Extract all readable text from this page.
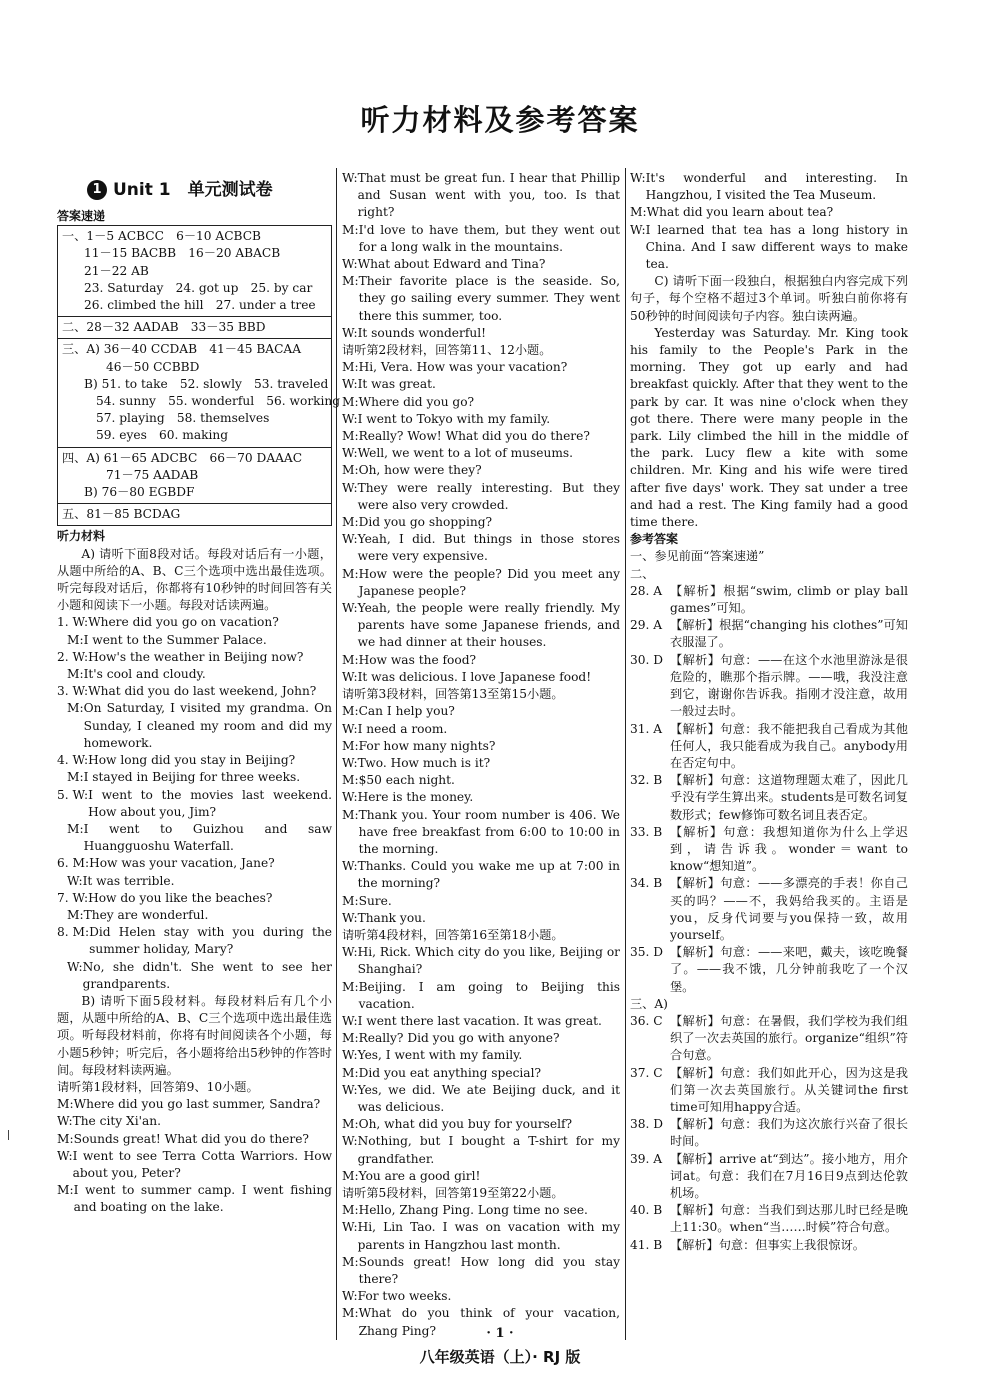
听力材料及参考答案
1 Unit 1　单元测试卷
答案速递
一、1－5 ACBCC　6－10 ACBCB
11－15 BACBB　16－20 ABACB
21－22 AB
23. Saturday　24. got up　25. by car
26. climbed the hill　27. under a tree
二、28－32 AADAB　33－35 BBD
三、A) 36－40 CCDAB　41－45 BACAA
46－50 CCBBD
B) 51. to take　52. slowly　53. traveled
54. sunny　55. wonderful　56. working
57. playing　58. themselves
59. eyes　60. making
四、A) 61－65 ADCBC　66－70 DAAAC
71－75 AADAB
B) 76－80 EGBDF
五、81－85 BCDAG
听力材料
A) 请听下面8段对话。每段对话后有一小题，从题中所给的A、B、C三个选项中选出最佳选项。听完每段对话后，你都将有10秒钟的时间回答有关小题和阅读下一小题。每段对话读两遍。
1. W: Where did you go on vacation?
M: I went to the Summer Palace.
2. W: How's the weather in Beijing now?
M: It's cool and cloudy.
3. W: What did you do last weekend, John?
M: On Saturday, I visited my grandma. On Sunday, I cleaned my room and did my homework.
4. W: How long did you stay in Beijing?
M: I stayed in Beijing for three weeks.
5. W: I went to the movies last weekend. How about you, Jim?
M: I went to Guizhou and saw Huangguoshu Waterfall.
6. M: How was your vacation, Jane?
W: It was terrible.
7. W: How do you like the beaches?
M: They are wonderful.
8. M: Did Helen stay with you during the summer holiday, Mary?
W: No, she didn't. She went to see her grandparents.
B) 请听下面5段材料。每段材料后有几个小题，从题中所给的A、B、C三个选项中选出最佳选项。听每段材料前，你将有时间阅读各个小题，每小题5秒钟；听完后，各小题将给出5秒钟的作答时间。每段材料读两遍。
请听第1段材料，回答第9、10小题。
M: Where did you go last summer, Sandra?
W: The city Xi'an.
M: Sounds great! What did you do there?
W: I went to see Terra Cotta Warriors. How about you, Peter?
M: I went to summer camp. I went fishing and boating on the lake.
W: That must be great fun. I hear that Phillip and Susan went with you, too. Is that right?
M: I'd love to have them, but they went out for a long walk in the mountains.
W: What about Edward and Tina?
M: Their favorite place is the seaside. So, they go sailing every summer. They went there this summer, too.
W: It sounds wonderful!
请听第2段材料，回答第11、12小题。
M: Hi, Vera. How was your vacation?
W: It was great.
M: Where did you go?
W: I went to Tokyo with my family.
M: Really? Wow! What did you do there?
W: Well, we went to a lot of museums.
M: Oh, how were they?
W: They were really interesting. But they were also very crowded.
M: Did you go shopping?
W: Yeah, I did. But things in those stores were very expensive.
M: How were the people? Did you meet any Japanese people?
W: Yeah, the people were really friendly. My parents have some Japanese friends, and we had dinner at their houses.
M: How was the food?
W: It was delicious. I love Japanese food!
请听第3段材料，回答第13至第15小题。
M: Can I help you?
W: I need a room.
M: For how many nights?
W: Two. How much is it?
M: $50 each night.
W: Here is the money.
M: Thank you. Your room number is 406. We have free breakfast from 6:00 to 10:00 in the morning.
W: Thanks. Could you wake me up at 7:00 in the morning?
M: Sure.
W: Thank you.
请听第4段材料，回答第16至第18小题。
W: Hi, Rick. Which city do you like, Beijing or Shanghai?
M: Beijing. I am going to Beijing this vacation.
W: I went there last vacation. It was great.
M: Really? Did you go with anyone?
W: Yes, I went with my family.
M: Did you eat anything special?
W: Yes, we did. We ate Beijing duck, and it was delicious.
M: Oh, what did you buy for yourself?
W: Nothing, but I bought a T-shirt for my grandfather.
M: You are a good girl!
请听第5段材料，回答第19至第22小题。
M: Hello, Zhang Ping. Long time no see.
W: Hi, Lin Tao. I was on vacation with my parents in Hangzhou last month.
M: Sounds great! How long did you stay there?
W: For two weeks.
M: What do you think of your vacation, Zhang Ping?
W: It's wonderful and interesting. In Hangzhou, I visited the Tea Museum.
M: What did you learn about tea?
W: I learned that tea has a long history in China. And I saw different ways to make tea.
C) 请听下面一段独白，根据独白内容完成下列句子，每个空格不超过3个单词。听独白前你将有50秒钟的时间阅读句子内容。独白读两遍。
Yesterday was Saturday. Mr. King took his family to the People's Park in the morning. They got up early and had breakfast quickly. After that they went to the park by car. It was nine o'clock when they got there. There were many people in the park. Lily climbed the hill in the middle of the park. Lucy flew a kite with some children. Mr. King and his wife were tired after five days' work. They sat under a tree and had a rest. The King family had a good time there.
参考答案
一、参见前面“答案速递”
二、
28. A 【解析】根据“swim, climb or play ball games”可知。
29. A 【解析】根据“changing his clothes”可知衣服湿了。
30. D 【解析】句意：——在这个水池里游泳是很危险的，瞧那个指示牌。——哦，我没注意到它，谢谢你告诉我。指刚才没注意，故用一般过去时。
31. A 【解析】句意：我不能把我自己看成为其他任何人，我只能看成为我自己。anybody用在否定句中。
32. B 【解析】句意：这道物理题太难了，因此几乎没有学生算出来。students是可数名词复数形式；few修饰可数名词且表否定。
33. B 【解析】句意：我想知道你为什么上学迟到，请告诉我。wonder＝want to know“想知道”。
34. B 【解析】句意：——多漂亮的手表！你自己买的吗？——不，我妈给我买的。主语是you，反身代词要与you保持一致，故用yourself。
35. D 【解析】句意：——来吧，戴夫，该吃晚餐了。——我不饿，几分钟前我吃了一个汉堡。
三、A)
36. C 【解析】句意：在暑假，我们学校为我们组织了一次去英国的旅行。organize“组织”符合句意。
37. C 【解析】句意：我们如此开心，因为这是我们第一次去英国旅行。从关键词the first time可知用happy合适。
38. D 【解析】句意：我们为这次旅行兴奋了很长时间。
39. A 【解析】arrive at“到达”。接小地方，用介词at。句意：我们在7月16日9点到达伦敦机场。
40. B 【解析】句意：当我们到达那儿时已经是晚上11:30。when“当……时候”符合句意。
41. B 【解析】句意：但事实上我很惊讶。
· 1 ·
八年级英语（上）· RJ 版
